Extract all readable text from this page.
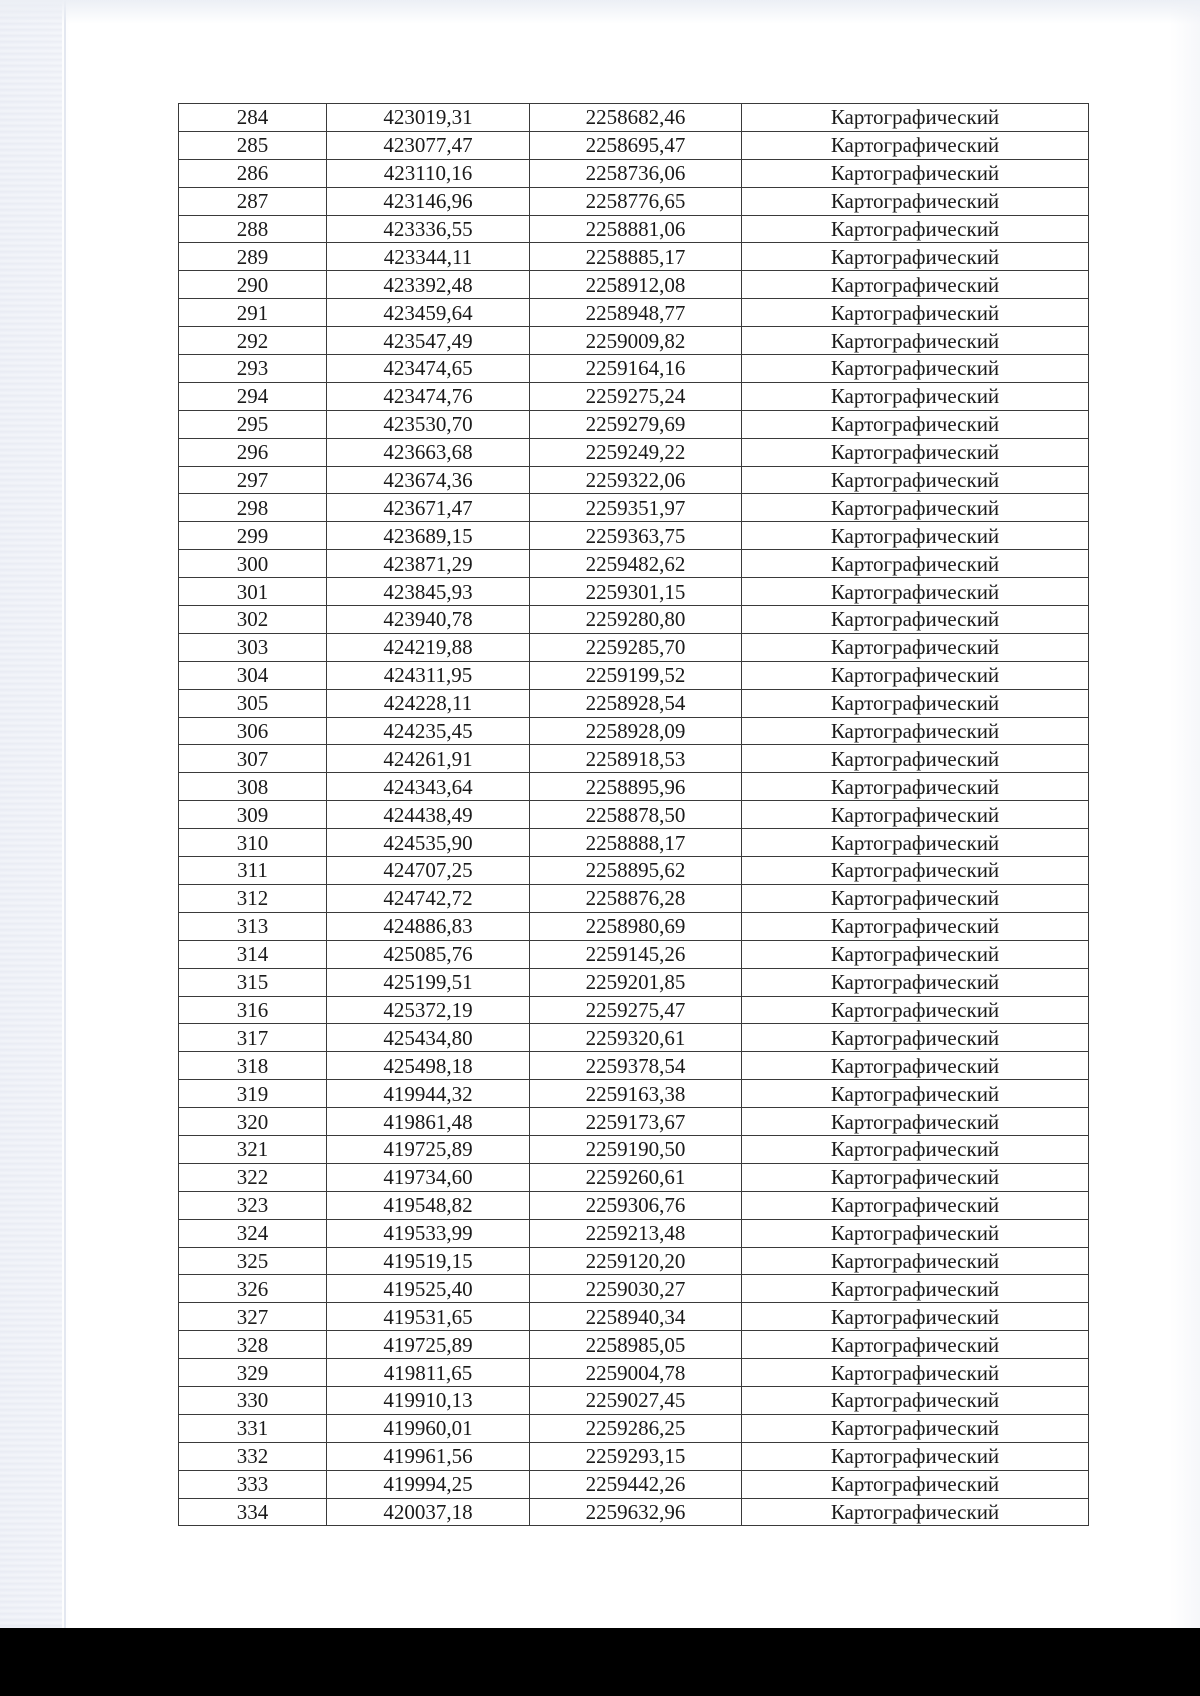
284	423019,31	2258682,46	Картографический
285	423077,47	2258695,47	Картографический
286	423110,16	2258736,06	Картографический
287	423146,96	2258776,65	Картографический
288	423336,55	2258881,06	Картографический
289	423344,11	2258885,17	Картографический
290	423392,48	2258912,08	Картографический
291	423459,64	2258948,77	Картографический
292	423547,49	2259009,82	Картографический
293	423474,65	2259164,16	Картографический
294	423474,76	2259275,24	Картографический
295	423530,70	2259279,69	Картографический
296	423663,68	2259249,22	Картографический
297	423674,36	2259322,06	Картографический
298	423671,47	2259351,97	Картографический
299	423689,15	2259363,75	Картографический
300	423871,29	2259482,62	Картографический
301	423845,93	2259301,15	Картографический
302	423940,78	2259280,80	Картографический
303	424219,88	2259285,70	Картографический
304	424311,95	2259199,52	Картографический
305	424228,11	2258928,54	Картографический
306	424235,45	2258928,09	Картографический
307	424261,91	2258918,53	Картографический
308	424343,64	2258895,96	Картографический
309	424438,49	2258878,50	Картографический
310	424535,90	2258888,17	Картографический
311	424707,25	2258895,62	Картографический
312	424742,72	2258876,28	Картографический
313	424886,83	2258980,69	Картографический
314	425085,76	2259145,26	Картографический
315	425199,51	2259201,85	Картографический
316	425372,19	2259275,47	Картографический
317	425434,80	2259320,61	Картографический
318	425498,18	2259378,54	Картографический
319	419944,32	2259163,38	Картографический
320	419861,48	2259173,67	Картографический
321	419725,89	2259190,50	Картографический
322	419734,60	2259260,61	Картографический
323	419548,82	2259306,76	Картографический
324	419533,99	2259213,48	Картографический
325	419519,15	2259120,20	Картографический
326	419525,40	2259030,27	Картографический
327	419531,65	2258940,34	Картографический
328	419725,89	2258985,05	Картографический
329	419811,65	2259004,78	Картографический
330	419910,13	2259027,45	Картографический
331	419960,01	2259286,25	Картографический
332	419961,56	2259293,15	Картографический
333	419994,25	2259442,26	Картографический
334	420037,18	2259632,96	Картографический
